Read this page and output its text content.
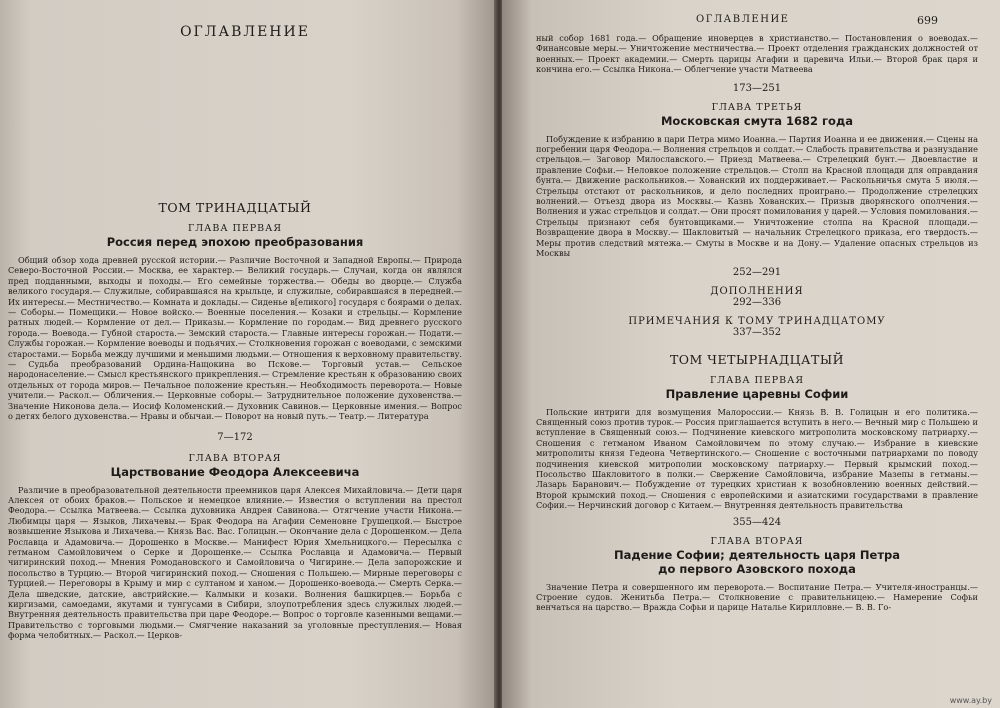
ОГЛАВЛЕНИЕ

ТОМ ТРИНАДЦАТЫЙ

ГЛАВА ПЕРВАЯ

Россия перед эпохою преобразования

Общий обзор хода древней русской истории.— Различие Восточной и Западной Европы.— Природа Северо-Восточной России.— Москва, ее характер.— Великий государь.— Случаи, когда он являлся пред подданными, выходы и походы.— Его семейные торжества.— Обеды во дворце.— Служба великого государя.— Служилые, собиравшаяся на крыльце, и служилые, собиравшаяся в передней.— Их интересы.— Местничество.— Комната и доклады.— Сиденье в[еликого] государя с боярами о делах.— Соборы.— Помещики.— Новое войско.— Военные поселения.— Козаки и стрельцы.— Кормление ратных людей.— Кормление от дел.— Приказы.— Кормление по городам.— Вид древнего русского города.— Воевода.— Губной староста.— Земский староста.— Главные интересы горожан.— Подати.— Службы горожан.— Кормление воеводы и подьячих.— Столкновения горожан с воеводами, с земскими старостами.— Борьба между лучшими и меньшими людьми.— Отношения к верховному правительству.— Судьба преобразований Ордина-Нащокина во Пскове.— Торговый устав.— Сельское народонаселение.— Смысл крестьянского прикрепления.— Стремление крестьян к образованию своих отдельных от города миров.— Печальное положение крестьян.— Необходимость переворота.— Новые учители.— Раскол.— Обличения.— Церковные соборы.— Затруднительное положение духовенства.— Значение Никонова дела.— Иосиф Коломенский.— Духовник Савинов.— Церковные имения.— Вопрос о детях белого духовенства.— Нравы и обычаи.— Поворот на новый путь.— Театр.— Литература

7—172

ГЛАВА ВТОРАЯ

Царствование Феодора Алексеевича

Различие в преобразовательной деятельности преемников царя Алексея Михайловича.— Дети царя Алексея от обоих браков.— Польское и немецкое влияние.— Известия о вступлении на престол Феодора.— Ссылка Матвеева.— Ссылка духовника Андрея Савинова.— Отягчение участи Никона.— Любимцы царя — Языков, Лихачевы.— Брак Феодора на Агафии Семеновне Грушецкой.— Быстрое возвышение Языкова и Лихачева.— Князь Вас. Вас. Голицын.— Окончание дела с Дорошенком.— Дела Рославца и Адамовича.— Дорошенко в Москве.— Манифест Юрия Хмельницкого.— Пересылка с гетманом Самойловичем о Серке и Дорошенке.— Ссылка Рославца и Адамовича.— Первый чигиринский поход.— Мнения Ромодановского и Самойловича о Чигирине.— Дела запорожские и посольство в Турцию.— Второй чигиринский поход.— Сношения с Польшею.— Мирные переговоры с Турцией.— Переговоры в Крыму и мир с султаном и ханом.— Дорошенко-воевода.— Смерть Серка.— Дела шведские, датские, австрийские.— Калмыки и козаки. Волнения башкирцев.— Борьба с киргизами, самоедами, якутами и тунгусами в Сибири, злоупотребления здесь служилых людей.— Внутренняя деятельность правительства при царе Феодоре.— Вопрос о торговле казенными вещами.— Правительство с торговыми людьми.— Смягчение наказаний за уголовные преступления.— Новая форма челобитных.— Раскол.— Церков-

ОГЛАВЛЕНИЕ	699

ный собор 1681 года.— Обращение иноверцев в христианство.— Постановления о воеводах.— Финансовые меры.— Уничтожение местничества.— Проект отделения гражданских должностей от военных.— Проект академии.— Смерть царицы Агафии и царевича Ильи.— Второй брак царя и кончина его.— Ссылка Никона.— Облегчение участи Матвеева

173—251

ГЛАВА ТРЕТЬЯ

Московская смута 1682 года

Побуждение к избранию в цари Петра мимо Иоанна.— Партия Иоанна и ее движения.— Сцены на погребении царя Феодора.— Волнения стрельцов и солдат.— Слабость правительства и разнуздание стрельцов.— Заговор Милославского.— Приезд Матвеева.— Стрелецкий бунт.— Двоевластие и правление Софьи.— Неловкое положение стрельцов.— Столп на Красной площади для оправдания бунта.— Движение раскольников.— Хованский их поддерживает.— Раскольничья смута 5 июля.— Стрельцы отстают от раскольников, и дело последних проиграно.— Продолжение стрелецких волнений.— Отъезд двора из Москвы.— Казнь Хованских.— Призыв дворянского ополчения.— Волнения и ужас стрельцов и солдат.— Они просят помилования у царей.— Условия помилования.— Стрельцы признают себя бунтовщиками.— Уничтожение столпа на Красной площади.— Возвращение двора в Москву.— Шакловитый — начальник Стрелецкого приказа, его твердость.— Меры против следствий мятежа.— Смуты в Москве и на Дону.— Удаление опасных стрельцов из Москвы

252—291

ДОПОЛНЕНИЯ

292—336

ПРИМЕЧАНИЯ К ТОМУ ТРИНАДЦАТОМУ

337—352

ТОМ ЧЕТЫРНАДЦАТЫЙ

ГЛАВА ПЕРВАЯ

Правление царевны Софии

Польские интриги для возмущения Малороссии.— Князь В. В. Голицын и его политика.— Священный союз против турок.— Россия приглашается вступить в него.— Вечный мир с Польшею и вступление в Священный союз.— Подчинение киевского митрополита московскому патриарху.— Сношения с гетманом Иваном Самойловичем по этому случаю.— Избрание в киевские митрополиты князя Гедеона Четвертинского.— Сношение с восточными патриархами по поводу подчинения киевской митрополии московскому патриарху.— Первый крымский поход.— Посольство Шакловитого в полки.— Свержение Самойловича, избрание Мазепы в гетманы.— Лазарь Баранович.— Побуждение от турецких христиан к возобновлению военных действий.— Второй крымский поход.— Сношения с европейскими и азиатскими государствами в правление Софии.— Нерчинский договор с Китаем.— Внутренняя деятельность правительства

355—424

ГЛАВА ВТОРАЯ

Падение Софии; деятельность царя Петра

до первого Азовского похода

Значение Петра и совершенного им переворота.— Воспитание Петра.— Учителя-иностранцы.— Строение судов. Женитьба Петра.— Столкновение с правительницею.— Намерение Софьи венчаться на царство.— Вражда Софьи и царице Наталье Кирилловне.— В. В. Го-

www.ay.by
